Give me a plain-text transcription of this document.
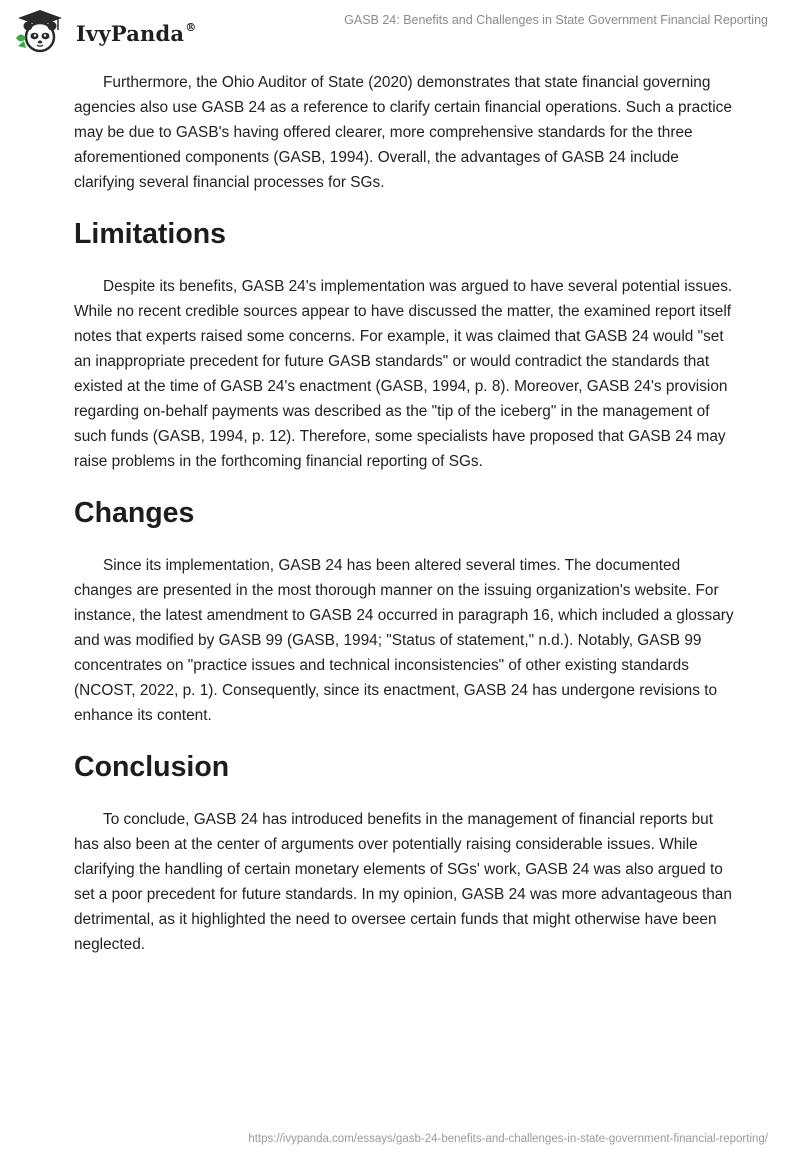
IvyPanda®	GASB 24: Benefits and Challenges in State Government Financial Reporting

Furthermore, the Ohio Auditor of State (2020) demonstrates that state financial governing agencies also use GASB 24 as a reference to clarify certain financial operations. Such a practice may be due to GASB's having offered clearer, more comprehensive standards for the three aforementioned components (GASB, 1994). Overall, the advantages of GASB 24 include clarifying several financial processes for SGs.

Limitations

Despite its benefits, GASB 24's implementation was argued to have several potential issues. While no recent credible sources appear to have discussed the matter, the examined report itself notes that experts raised some concerns. For example, it was claimed that GASB 24 would "set an inappropriate precedent for future GASB standards" or would contradict the standards that existed at the time of GASB 24's enactment (GASB, 1994, p. 8). Moreover, GASB 24's provision regarding on-behalf payments was described as the "tip of the iceberg" in the management of such funds (GASB, 1994, p. 12). Therefore, some specialists have proposed that GASB 24 may raise problems in the forthcoming financial reporting of SGs.

Changes

Since its implementation, GASB 24 has been altered several times. The documented changes are presented in the most thorough manner on the issuing organization's website. For instance, the latest amendment to GASB 24 occurred in paragraph 16, which included a glossary and was modified by GASB 99 (GASB, 1994; "Status of statement," n.d.). Notably, GASB 99 concentrates on "practice issues and technical inconsistencies" of other existing standards (NCOST, 2022, p. 1). Consequently, since its enactment, GASB 24 has undergone revisions to enhance its content.

Conclusion

To conclude, GASB 24 has introduced benefits in the management of financial reports but has also been at the center of arguments over potentially raising considerable issues. While clarifying the handling of certain monetary elements of SGs' work, GASB 24 was also argued to set a poor precedent for future standards. In my opinion, GASB 24 was more advantageous than detrimental, as it highlighted the need to oversee certain funds that might otherwise have been neglected.

https://ivypanda.com/essays/gasb-24-benefits-and-challenges-in-state-government-financial-reporting/
